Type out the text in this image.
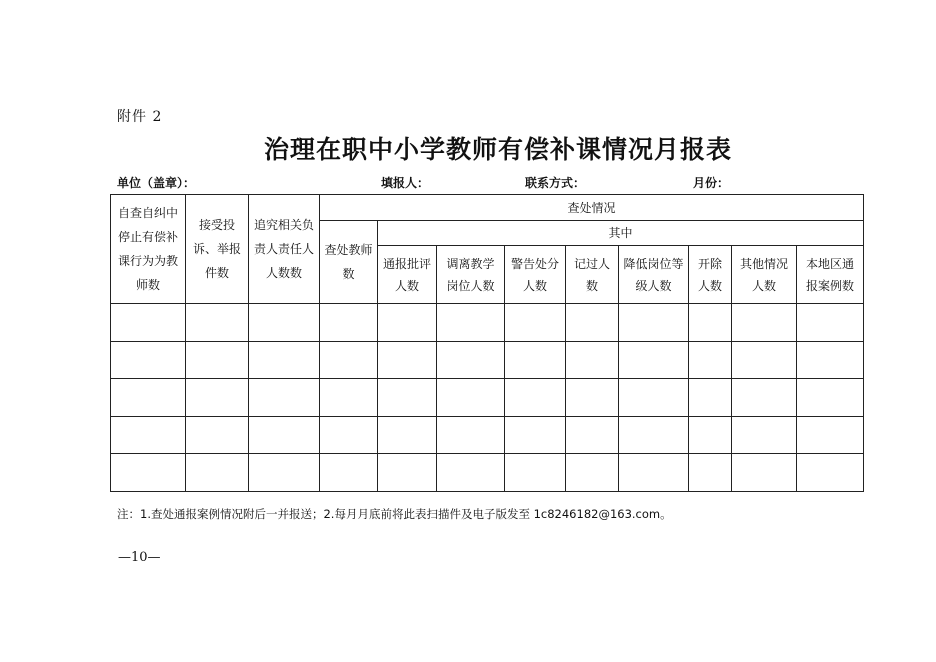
附件 2
治理在职中小学教师有偿补课情况月报表
单位（盖章）：	填报人：	联系方式：	月份：
自查自纠中停止有偿补课行为为教师数	接受投诉、举报件数	追究相关负责人责任人人数数	查处情况								
			查处教师数	其中							
				通报批评人数	调离教学岗位人数	警告处分人数	记过人数	降低岗位等级人数	开除人数	其他情况人数	本地区通报案例数

注：1.查处通报案例情况附后一并报送；2.每月月底前将此表扫描件及电子版发至 1c8246182@163.com。
—10—
